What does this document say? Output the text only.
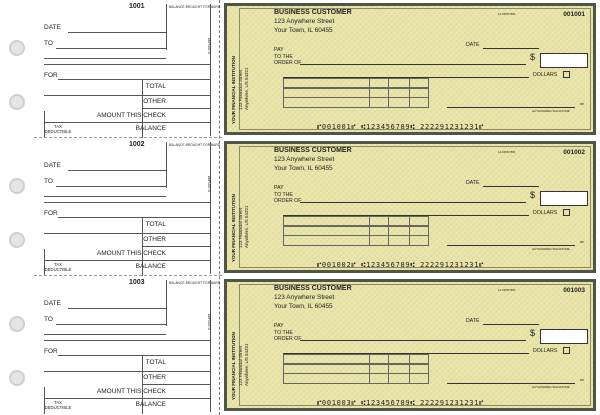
1001	BALANCE BROUGHT FORWARD
DATE
TO	DEPOSITS
FOR
TOTAL
OTHER
AMOUNT THIS CHECK
TAX DEDUCTIBLE	BALANCE
1002	BALANCE BROUGHT FORWARD
DATE
TO	DEPOSITS
FOR
TOTAL
OTHER
AMOUNT THIS CHECK
TAX DEDUCTIBLE	BALANCE
1003	BALANCE BROUGHT FORWARD
DATE
TO	DEPOSITS
FOR
TOTAL
OTHER
AMOUNT THIS CHECK
TAX DEDUCTIBLE	BALANCE
YOUR FINANCIAL INSTITUTION 123 Financial Street Anywhere, US 54321
BUSINESS CUSTOMER
123 Anywhere Street
Your Town, IL 60455
12-3456/7890	001001
DATE
PAY
TO THE
ORDER OF
$
DOLLARS
MP
AUTHORIZED SIGNATURE
⑈001001⑈ ⑆123456789⑆ 222291231231⑈
YOUR FINANCIAL INSTITUTION 123 Financial Street Anywhere, US 54321
BUSINESS CUSTOMER
123 Anywhere Street
Your Town, IL 60455
12-3456/7890	001002
DATE
PAY
TO THE
ORDER OF
$
DOLLARS
MP
AUTHORIZED SIGNATURE
⑈001002⑈ ⑆123456789⑆ 222291231231⑈
YOUR FINANCIAL INSTITUTION 123 Financial Street Anywhere, US 54321
BUSINESS CUSTOMER
123 Anywhere Street
Your Town, IL 60455
12-3456/7890	001003
DATE
PAY
TO THE
ORDER OF
$
DOLLARS
MP
AUTHORIZED SIGNATURE
⑈001003⑈ ⑆123456789⑆ 222291231231⑈
